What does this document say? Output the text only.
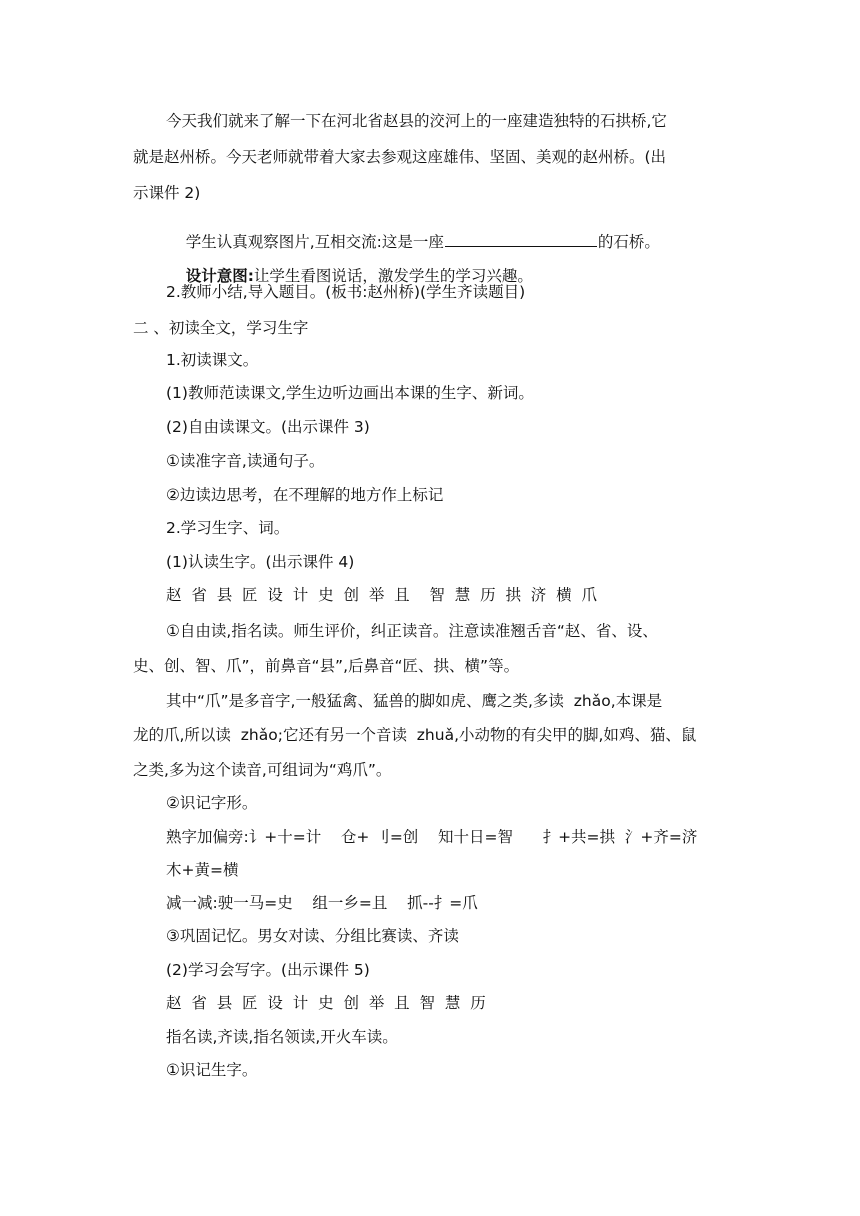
今天我们就来了解一下在河北省赵县的洨河上的一座建造独特的石拱桥,它
就是赵州桥。今天老师就带着大家去参观这座雄伟、坚固、美观的赵州桥。(出
示课件 2)

学生认真观察图片,互相交流:这是一座	的石桥。

设计意图:让学生看图说话，激发学生的学习兴趣。

2.教师小结,导入题目。(板书:赵州桥)(学生齐读题目)
二 、初读全文，学习生字
1.初读课文。
(1)教师范读课文,学生边听边画出本课的生字、新词。
(2)自由读课文。(出示课件 3)
①读准字音,读通句子。
②边读边思考，在不理解的地方作上标记
2.学习生字、词。
(1)认读生字。(出示课件 4)
赵  省  县  匠  设  计  史  创  举  且    智  慧  历  拱  济  横  爪
①自由读,指名读。师生评价，纠正读音。注意读准翘舌音“赵、省、设、
史、创、智、爪”，前鼻音“县”,后鼻音“匠、拱、横”等。
其中“爪”是多音字,一般猛禽、猛兽的脚如虎、鹰之类,多读  zhǎo,本课是
龙的爪,所以读  zhǎo;它还有另一个音读  zhuǎ,小动物的有尖甲的脚,如鸡、猫、鼠
之类,多为这个读音,可组词为“鸡爪”。
②识记字形。
熟字加偏旁:讠+十=计    仓+ 刂=创    知十日=智      扌+共=拱  氵+齐=济
木+黄=横
减一减:驶一马=史    组一乡=且    抓--扌=爪
③巩固记忆。男女对读、分组比赛读、齐读
(2)学习会写字。(出示课件 5)
赵  省  县  匠  设  计  史  创  举  且  智  慧  历
指名读,齐读,指名领读,开火车读。
①识记生字。
